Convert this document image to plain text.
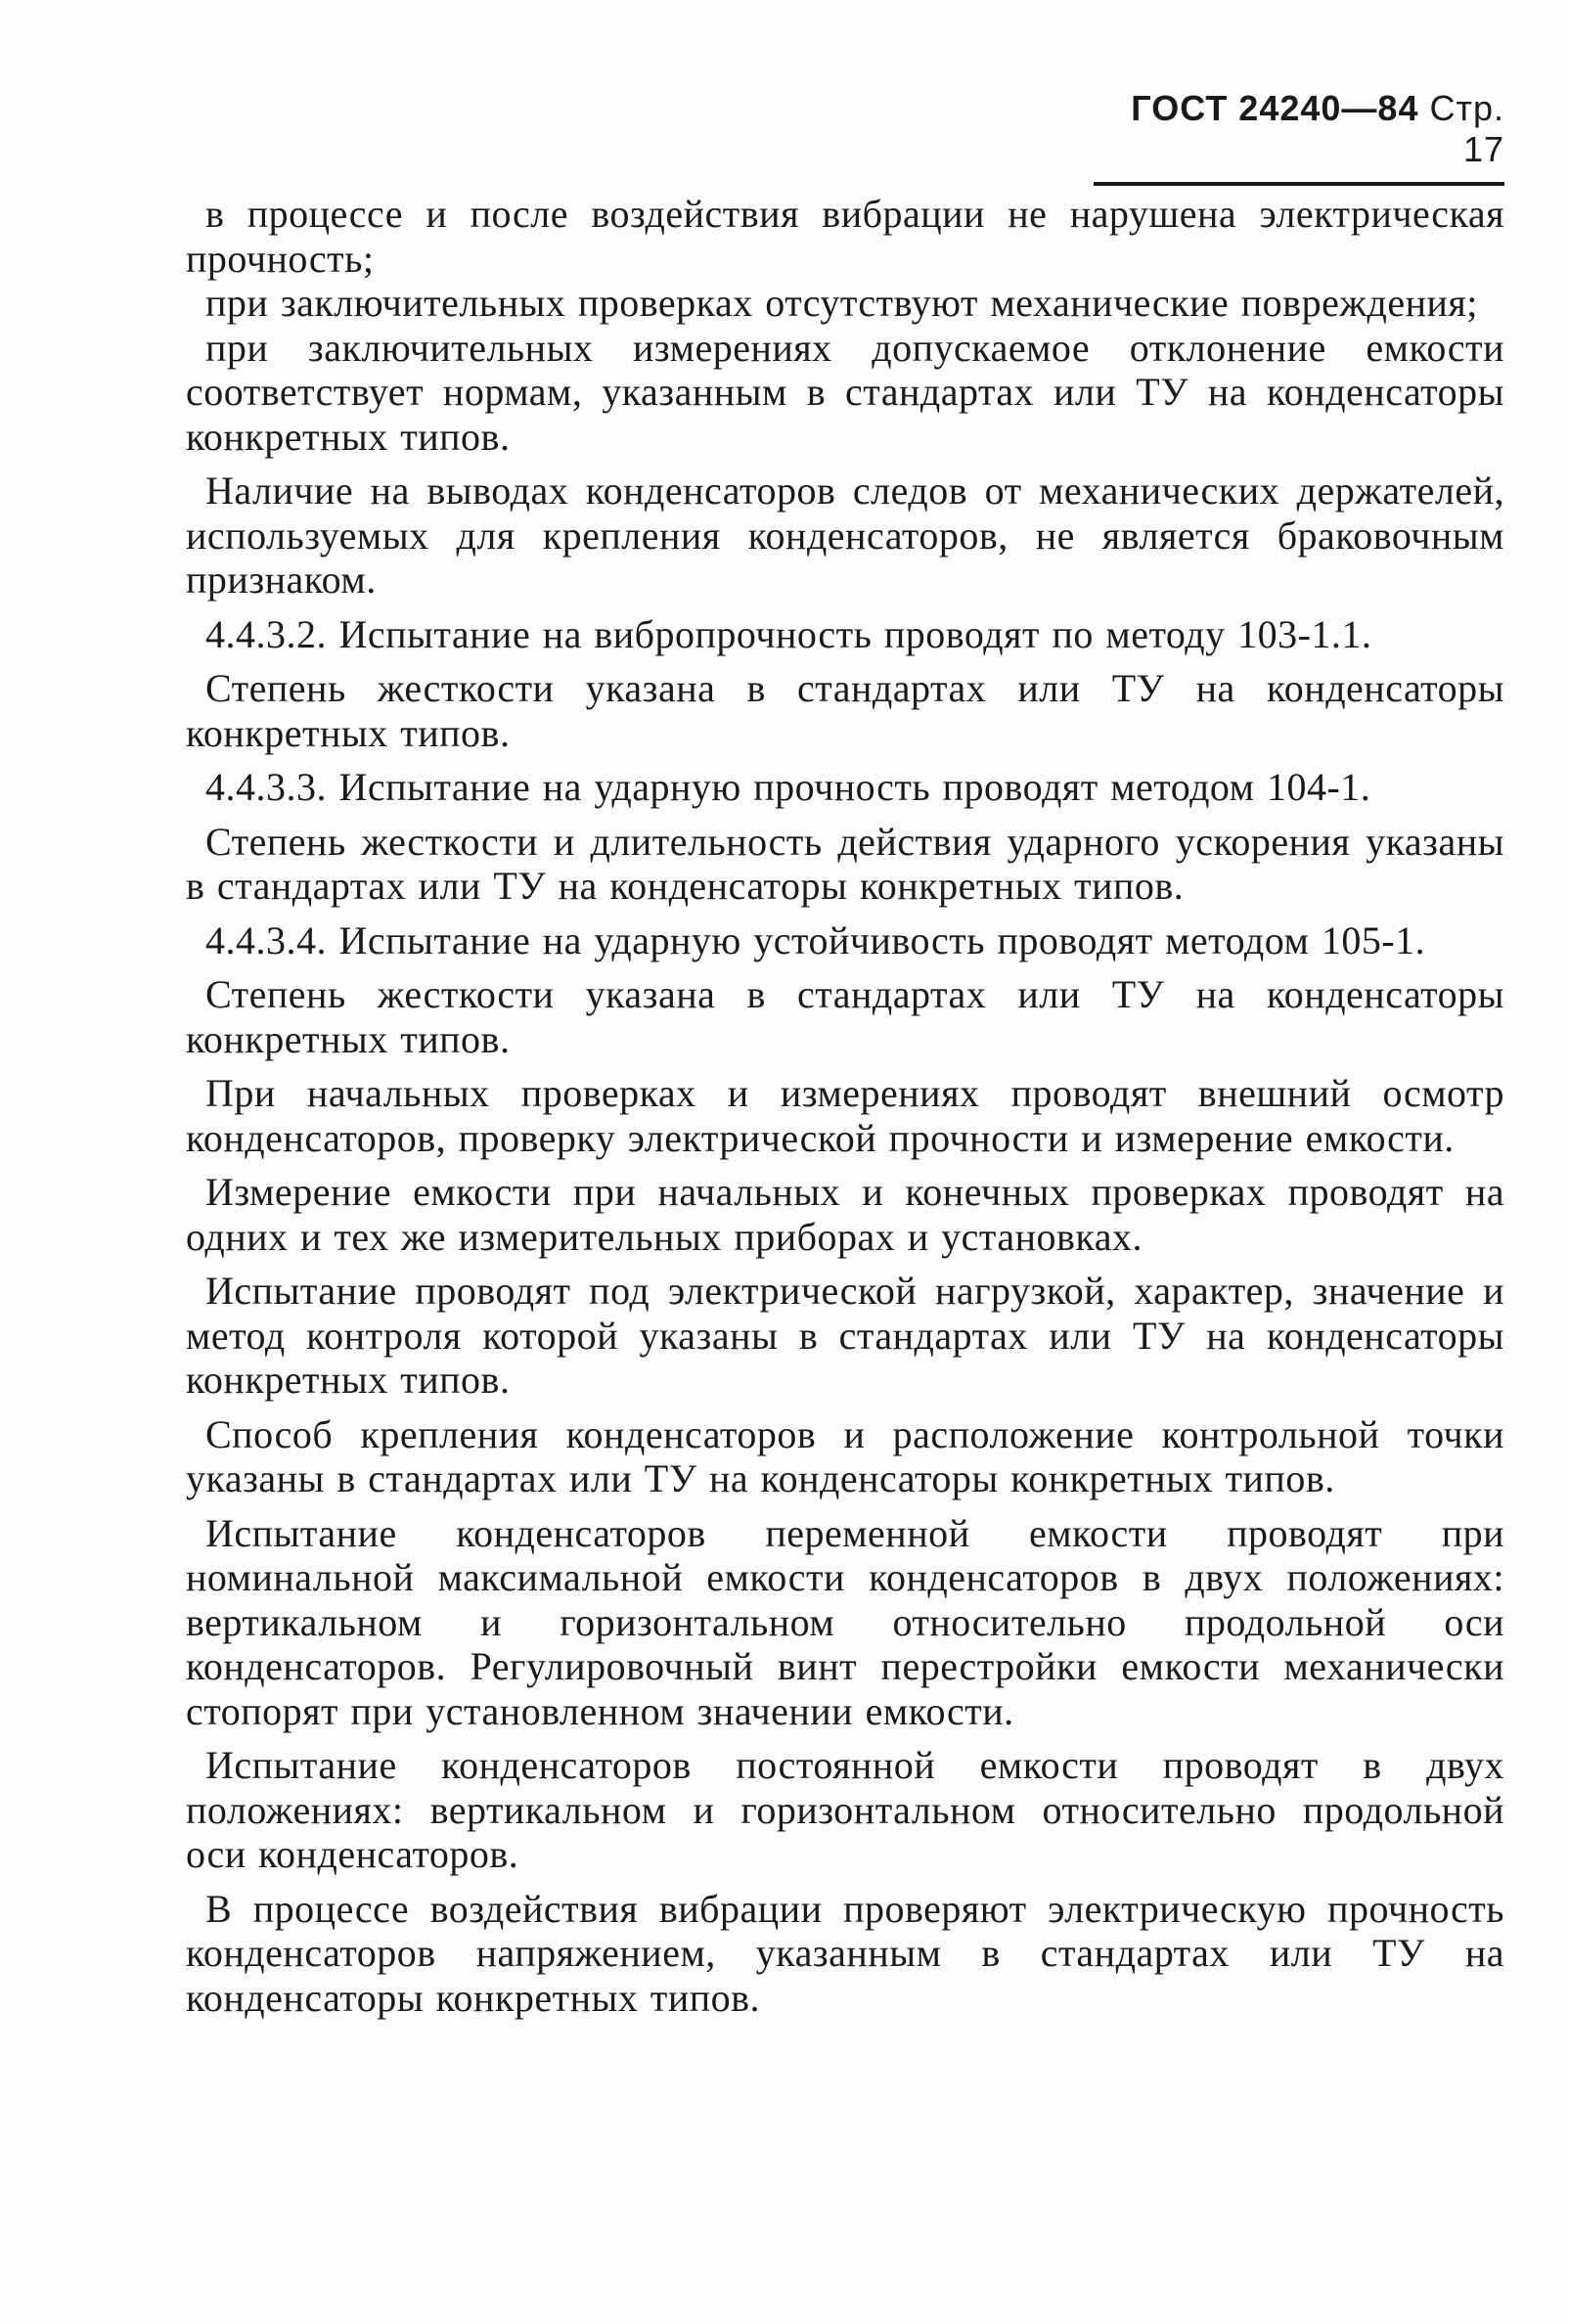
ГОСТ 24240—84 Стр. 17

в процессе и после воздействия вибрации не нарушена электрическая прочность;

при заключительных проверках отсутствуют механические повреждения;

при заключительных измерениях допускаемое отклонение емкости соответствует нормам, указанным в стандартах или ТУ на конденсаторы конкретных типов.

Наличие на выводах конденсаторов следов от механических держателей, используемых для крепления конденсаторов, не является браковочным признаком.

4.4.3.2. Испытание на вибропрочность проводят по методу 103-1.1.

Степень жесткости указана в стандартах или ТУ на конденсаторы конкретных типов.

4.4.3.3. Испытание на ударную прочность проводят методом 104-1.

Степень жесткости и длительность действия ударного ускорения указаны в стандартах или ТУ на конденсаторы конкретных типов.

4.4.3.4. Испытание на ударную устойчивость проводят методом 105-1.

Степень жесткости указана в стандартах или ТУ на конденсаторы конкретных типов.

При начальных проверках и измерениях проводят внешний осмотр конденсаторов, проверку электрической прочности и измерение емкости.

Измерение емкости при начальных и конечных проверках проводят на одних и тех же измерительных приборах и установках.

Испытание проводят под электрической нагрузкой, характер, значение и метод контроля которой указаны в стандартах или ТУ на конденсаторы конкретных типов.

Способ крепления конденсаторов и расположение контрольной точки указаны в стандартах или ТУ на конденсаторы конкретных типов.

Испытание конденсаторов переменной емкости проводят при номинальной максимальной емкости конденсаторов в двух положениях: вертикальном и горизонтальном относительно продольной оси конденсаторов. Регулировочный винт перестройки емкости механически стопорят при установленном значении емкости.

Испытание конденсаторов постоянной емкости проводят в двух положениях: вертикальном и горизонтальном относительно продольной оси конденсаторов.

В процессе воздействия вибрации проверяют электрическую прочность конденсаторов напряжением, указанным в стандартах или ТУ на конденсаторы конкретных типов.
